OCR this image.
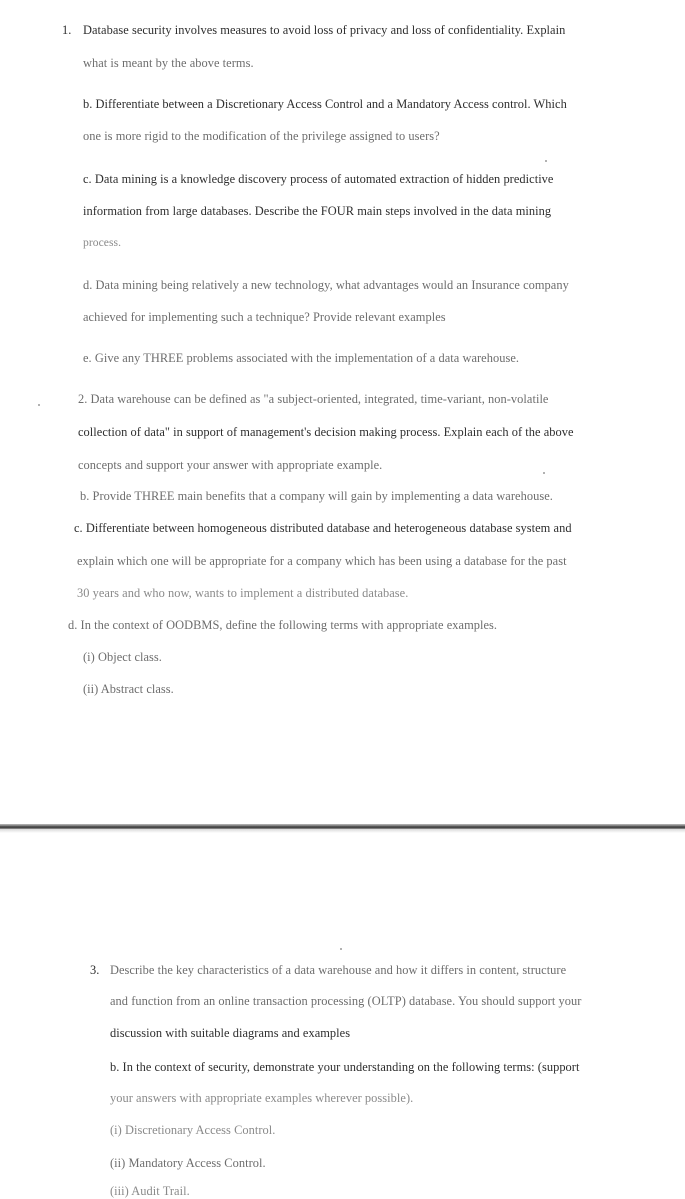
1. Database security involves measures to avoid loss of privacy and loss of confidentiality. Explain
what is meant by the above terms.
b. Differentiate between a Discretionary Access Control and a Mandatory Access control. Which
one is more rigid to the modification of the privilege assigned to users?
c. Data mining is a knowledge discovery process of automated extraction of hidden predictive
information from large databases. Describe the FOUR main steps involved in the data mining
process.
d. Data mining being relatively a new technology, what advantages would an Insurance company
achieved for implementing such a technique? Provide relevant examples
e. Give any THREE problems associated with the implementation of a data warehouse.
2. Data warehouse can be defined as "a subject-oriented, integrated, time-variant, non-volatile
collection of data" in support of management's decision making process. Explain each of the above
concepts and support your answer with appropriate example.
b. Provide THREE main benefits that a company will gain by implementing a data warehouse.
c. Differentiate between homogeneous distributed database and heterogeneous database system and
explain which one will be appropriate for a company which has been using a database for the past
30 years and who now, wants to implement a distributed database.
d. In the context of OODBMS, define the following terms with appropriate examples.
(i) Object class.
(ii) Abstract class.
3. Describe the key characteristics of a data warehouse and how it differs in content, structure
and function from an online transaction processing (OLTP) database. You should support your
discussion with suitable diagrams and examples
b. In the context of security, demonstrate your understanding on the following terms: (support
your answers with appropriate examples wherever possible).
(i) Discretionary Access Control.
(ii) Mandatory Access Control.
(iii) Audit Trail.
